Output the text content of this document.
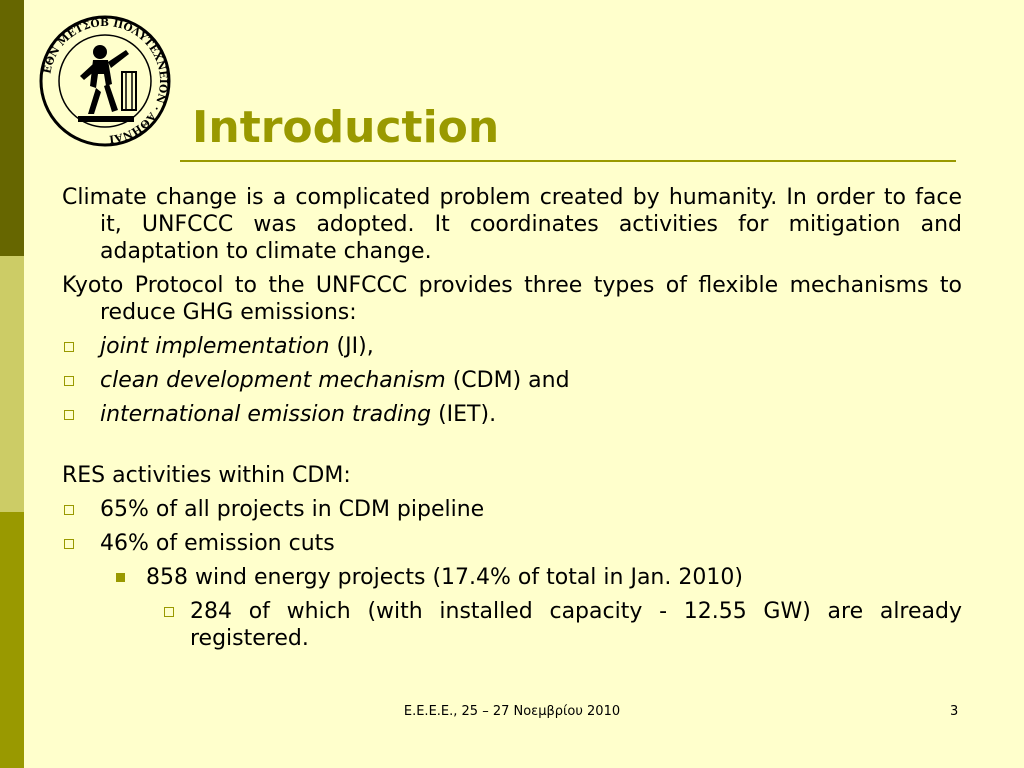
ΕΘΝ ΜΕΤΣΟΒ ΠΟΛΥΤΕΧΝΕΙΟΝ · ΑΘΗΝΑΙ	Introduction

Climate change is a complicated problem created by humanity. In order to face it, UNFCCC was adopted. It coordinates activities for mitigation and adaptation to climate change.

Kyoto Protocol to the UNFCCC provides three types of flexible mechanisms to reduce GHG emissions:

joint implementation (JI),
clean development mechanism (CDM) and
international emission trading (IET).

RES activities within CDM:

65% of all projects in CDM pipeline
46% of emission cuts
858 wind energy projects (17.4% of total in Jan. 2010)
284 of which (with installed capacity - 12.55 GW) are already registered.
E.E.E.E., 25 – 27 Νοεμβρίου 2010	3
